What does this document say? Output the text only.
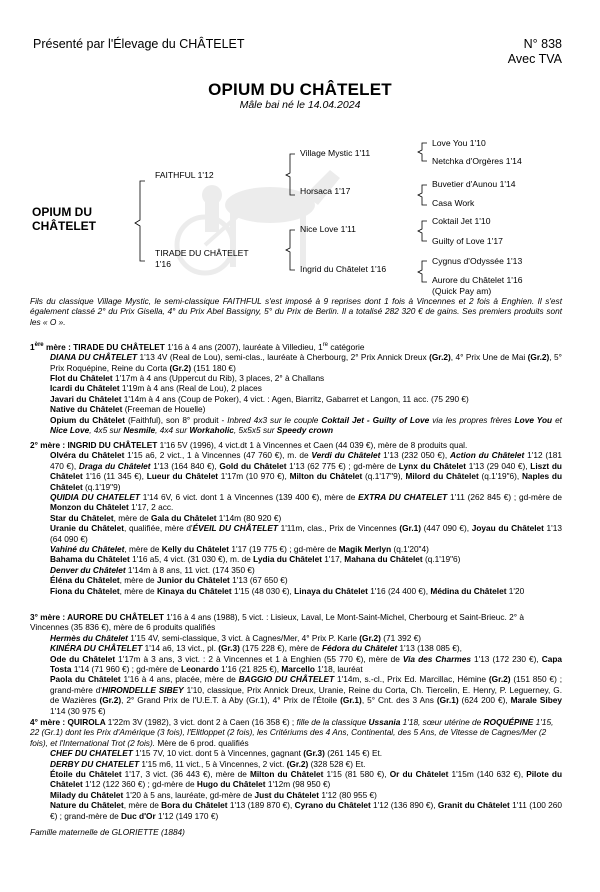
Présenté par l'Élevage du CHÂTELET	N° 838
Avec TVA
OPIUM DU CHÂTELET
Mâle bai né le 14.04.2024
OPIUM DU
CHÂTELET
FAITHFUL 1'12
TIRADE DU CHÂTELET
1'16
Village Mystic 1'11
Horsaca 1'17
Nice Love 1'11
Ingrid du Châtelet 1'16
Love You 1'10
Netchka d'Orgères 1'14
Buvetier d'Aunou 1'14
Casa Work
Coktail Jet 1'10
Guilty of Love 1'17
Cygnus d'Odyssée 1'13
Aurore du Châtelet 1'16
(Quick Pay am)
Fils du classique Village Mystic, le semi-classique FAITHFUL s'est imposé à 9 reprises dont 1 fois à Vincennes et 2 fois à Enghien. Il s'est également classé 2° du Prix Gisella, 4° du Prix Abel Bassigny, 5° du Prix de Berlin. Il a totalisé 282 320 € de gains. Ses premiers produits sont les « O ».

1ère mère : TIRADE DU CHÂTELET 1'16 à 4 ans (2007), lauréate à Villedieu, 1re catégorie

DIANA DU CHÂTELET 1'13 4V (Real de Lou), semi-clas., lauréate à Cherbourg, 2° Prix Annick Dreux (Gr.2), 4° Prix Une de Mai (Gr.2), 5° Prix Roquépine, Reine du Corta (Gr.2) (151 180 €)

Flot du Châtelet 1'17m à 4 ans (Uppercut du Rib), 3 places, 2° à Challans

Icardi du Châtelet 1'19m à 4 ans (Real de Lou), 2 places

Javari du Châtelet 1'14m à 4 ans (Coup de Poker), 4 vict. : Agen, Biarritz, Gabarret et Langon, 11 acc. (75 290 €)

Native du Châtelet (Freeman de Houelle)

Opium du Châtelet (Faithful), son 8° produit - Inbred 4x3 sur le couple Coktail Jet - Guilty of Love via les propres frères Love You et Nice Love, 4x5 sur Nesmile, 4x4 sur Workaholic, 5x5x5 sur Speedy crown

2° mère : INGRID DU CHÂTELET 1'16 5V (1996), 4 vict.dt 1 à Vincennes et Caen (44 039 €), mère de 8 produits qual.

Olvéra du Châtelet 1'15 a6, 2 vict., 1 à Vincennes (47 760 €), m. de Verdi du Châtelet 1'13 (232 050 €), Action du Châtelet 1'12 (181 470 €), Draga du Châtelet 1'13 (164 840 €), Gold du Châtelet 1'13 (62 775 €) ; gd-mère de Lynx du Châtelet 1'13 (29 040 €), Liszt du Châtelet 1'16 (11 345 €), Lueur du Châtelet 1'17m (10 970 €), Milton du Châtelet (q.1'17"9), Milord du Châtelet (q.1'19"6), Naples du Châtelet (q.1'19"9)

QUIDIA DU CHATELET 1'14 6V, 6 vict. dont 1 à Vincennes (139 400 €), mère de EXTRA DU CHATELET 1'11 (262 845 €) ; gd-mère de Monzon du Châtelet 1'17, 2 acc.

Star du Châtelet, mère de Gala du Châtelet 1'14m (80 920 €)

Uranie du Châtelet, qualifiée, mère d'ÉVEIL DU CHÂTELET 1'11m, clas., Prix de Vincennes (Gr.1) (447 090 €), Joyau du Châtelet 1'13 (64 090 €)

Vahiné du Châtelet, mère de Kelly du Châtelet 1'17 (19 775 €) ; gd-mère de Magik Merlyn (q.1'20"4)

Bahama du Châtelet 1'16 a5, 4 vict. (31 030 €), m. de Lydia du Châtelet 1'17, Mahana du Châtelet (q.1'19"6)

Denver du Châtelet 1'14m à 8 ans, 11 vict. (174 350 €)

Éléna du Châtelet, mère de Junior du Châtelet 1'13 (67 650 €)

Fiona du Châtelet, mère de Kinaya du Châtelet 1'15 (48 030 €), Linaya du Châtelet 1'16 (24 400 €), Médina du Châtelet 1'20

3° mère : AURORE DU CHÂTELET 1'16 à 4 ans (1988), 5 vict. : Lisieux, Laval, Le Mont-Saint-Michel, Cherbourg et Saint-Brieuc. 2° à Vincennes (35 836 €), mère de 6 produits qualifiés

Hermès du Châtelet 1'15 4V, semi-classique, 3 vict. à Cagnes/Mer, 4° Prix P. Karle (Gr.2) (71 392 €)

KINÉRA DU CHÂTELET 1'14 a6, 13 vict., pl. (Gr.3) (175 228 €), mère de Fédora du Châtelet 1'13 (138 085 €),

Ode du Châtelet 1'17m à 3 ans, 3 vict. : 2 à Vincennes et 1 à Enghien (55 770 €), mère de Via des Charmes 1'13 (172 230 €), Capa Tosta 1'14 (71 960 €) ; gd-mère de Leonardo 1'16 (21 825 €), Marcello 1'18, lauréat

Paola du Châtelet 1'16 à 4 ans, placée, mère de BAGGIO DU CHÂTELET 1'14m, s.-cl., Prix Ed. Marcillac, Hémine (Gr.2) (151 850 €) ; grand-mère d'HIRONDELLE SIBEY 1'10, classique, Prix Annick Dreux, Uranie, Reine du Corta, Ch. Tiercelin, E. Henry, P. Leguerney, G. de Wazières (Gr.2), 2° Grand Prix de l'U.E.T. à Aby (Gr.1), 4° Prix de l'Étoile (Gr.1), 5° Cnt. des 3 Ans (Gr.1) (624 200 €), Marale Sibey 1'14 (30 975 €)

4° mère : QUIROLA 1'22m 3V (1982), 3 vict. dont 2 à Caen (16 358 €) ; fille de la classique Ussania 1'18, sœur utérine de ROQUÉPINE 1'15, 22 (Gr.1) dont les Prix d'Amérique (3 fois), l'Elitloppet (2 fois), les Critériums des 4 Ans, Continental, des 5 Ans, de Vitesse de Cagnes/Mer (2 fois), et l'International Trot (2 fois). Mère de 6 prod. qualifiés

CHEF DU CHATELET 1'15 7V, 10 vict. dont 5 à Vincennes, gagnant (Gr.3) (261 145 €) Et.

DERBY DU CHATELET 1'15 m6, 11 vict., 5 à Vincennes, 2 vict. (Gr.2) (328 528 €) Et.

Étoile du Châtelet 1'17, 3 vict. (36 443 €), mère de Milton du Châtelet 1'15 (81 580 €), Or du Châtelet 1'15m (140 632 €), Pilote du Châtelet 1'12 (122 360 €) ; gd-mère de Hugo du Châtelet 1'12m (98 950 €)

Milady du Châtelet 1'20 à 5 ans, lauréate, gd-mère de Just du Châtelet 1'12 (80 955 €)

Nature du Châtelet, mère de Bora du Châtelet 1'13 (189 870 €), Cyrano du Châtelet 1'12 (136 890 €), Granit du Châtelet 1'11 (100 260 €) ; grand-mère de Duc d'Or 1'12 (149 170 €)

Famille maternelle de GLORIETTE (1884)
